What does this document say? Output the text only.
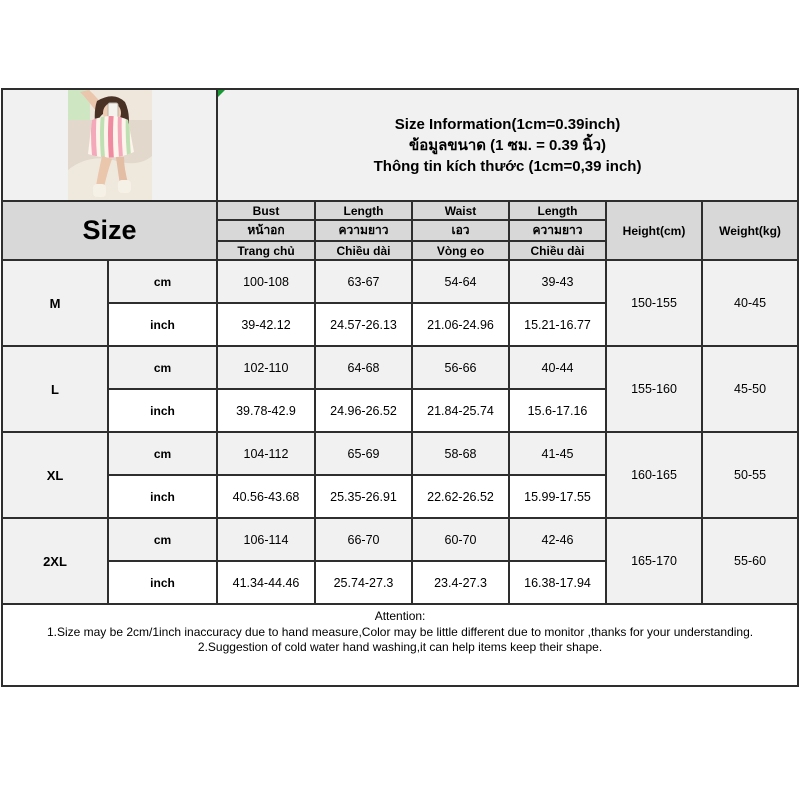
Size Information(1cm=0.39inch)
ข้อมูลขนาด (1 ซม. = 0.39 นิ้ว)
Thông tin kích thước (1cm=0,39 inch)					

Size		Bust	Length	Waist	Length	Height(cm)	Weight(kg)
		หน้าอก	ความยาว	เอว	ความยาว		
		Trang chủ	Chiều dài	Vòng eo	Chiều dài		
M	cm	100-108	63-67	54-64	39-43	150-155	40-45
	inch	39-42.12	24.57-26.13	21.06-24.96	15.21-16.77		
L	cm	102-110	64-68	56-66	40-44	155-160	45-50
	inch	39.78-42.9	24.96-26.52	21.84-25.74	15.6-17.16		
XL	cm	104-112	65-69	58-68	41-45	160-165	50-55
	inch	40.56-43.68	25.35-26.91	22.62-26.52	15.99-17.55		
2XL	cm	106-114	66-70	60-70	42-46	165-170	55-60
	inch	41.34-44.46	25.74-27.3	23.4-27.3	16.38-17.94		

Attention:
1.Size may be 2cm/1inch inaccuracy due to hand measure,Color may be little different due to monitor ,thanks for your understanding.
2.Suggestion of cold water hand washing,it can help items keep their shape.							
